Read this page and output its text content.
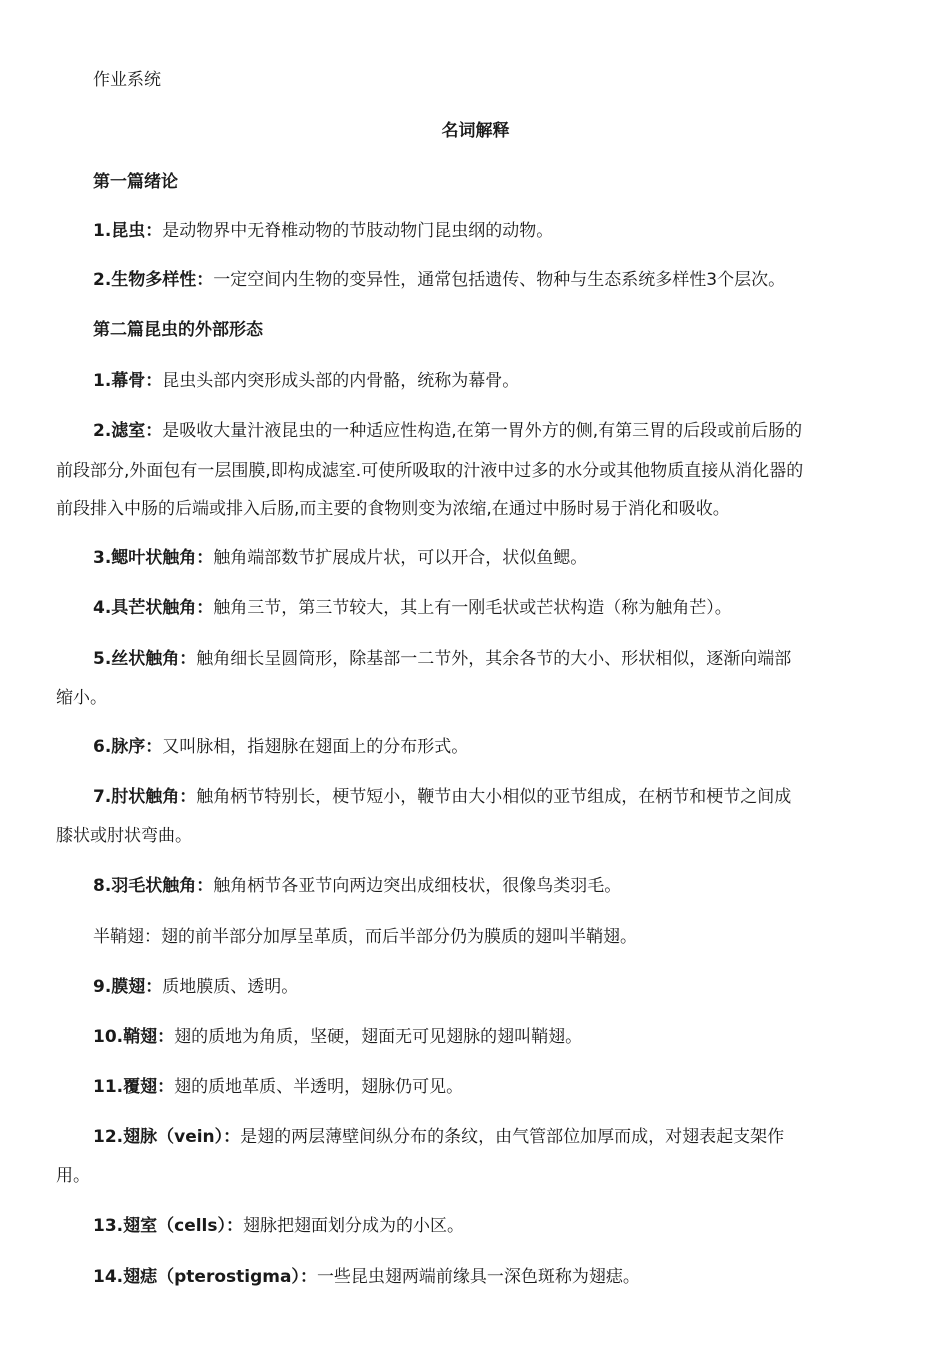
作业系统
名词解释
第一篇绪论
1.昆虫：是动物界中无脊椎动物的节肢动物门昆虫纲的动物。
2.生物多样性：一定空间内生物的变异性，通常包括遗传、物种与生态系统多样性3个层次。
第二篇昆虫的外部形态
1.幕骨：昆虫头部内突形成头部的内骨骼，统称为幕骨。
2.滤室：是吸收大量汁液昆虫的一种适应性构造,在第一胃外方的侧,有第三胃的后段或前后肠的
前段部分,外面包有一层围膜,即构成滤室.可使所吸取的汁液中过多的水分或其他物质直接从消化器的
前段排入中肠的后端或排入后肠,而主要的食物则变为浓缩,在通过中肠时易于消化和吸收。
3.鳃叶状触角：触角端部数节扩展成片状，可以开合，状似鱼鳃。
4.具芒状触角：触角三节，第三节较大，其上有一刚毛状或芒状构造（称为触角芒）。
5.丝状触角：触角细长呈圆筒形，除基部一二节外，其余各节的大小、形状相似，逐渐向端部
缩小。
6.脉序：又叫脉相，指翅脉在翅面上的分布形式。
7.肘状触角：触角柄节特别长，梗节短小，鞭节由大小相似的亚节组成，在柄节和梗节之间成
膝状或肘状弯曲。
8.羽毛状触角：触角柄节各亚节向两边突出成细枝状，很像鸟类羽毛。
半鞘翅：翅的前半部分加厚呈革质，而后半部分仍为膜质的翅叫半鞘翅。
9.膜翅：质地膜质、透明。
10.鞘翅：翅的质地为角质，坚硬，翅面无可见翅脉的翅叫鞘翅。
11.覆翅：翅的质地革质、半透明，翅脉仍可见。
12.翅脉（vein）：是翅的两层薄壁间纵分布的条纹，由气管部位加厚而成，对翅表起支架作
用。
13.翅室（cells）：翅脉把翅面划分成为的小区。
14.翅痣（pterostigma）：一些昆虫翅两端前缘具一深色斑称为翅痣。
